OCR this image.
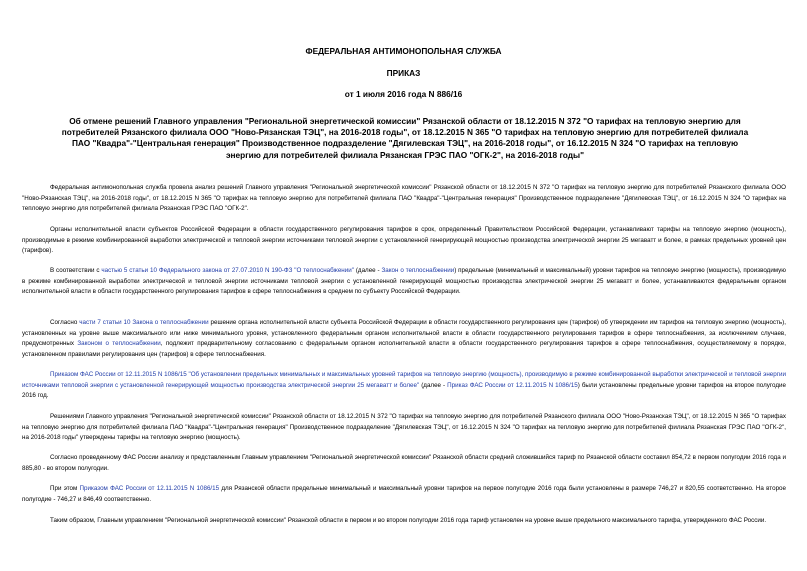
ФЕДЕРАЛЬНАЯ АНТИМОНОПОЛЬНАЯ СЛУЖБА
ПРИКАЗ
от 1 июля 2016 года N 886/16
Об отмене решений Главного управления "Региональной энергетической комиссии" Рязанской области от 18.12.2015 N 372 "О тарифах на тепловую энергию для потребителей Рязанского филиала ООО "Ново-Рязанская ТЭЦ", на 2016-2018 годы", от 18.12.2015 N 365 "О тарифах на тепловую энергию для потребителей филиала ПАО "Квадра"-"Центральная генерация" Производственное подразделение "Дягилевская ТЭЦ", на 2016-2018 годы", от 16.12.2015 N 324 "О тарифах на тепловую энергию для потребителей филиала Рязанская ГРЭС ПАО "ОГК-2", на 2016-2018 годы"

Федеральная антимонопольная служба провела анализ решений Главного управления "Региональной энергетической комиссии" Рязанской области от 18.12.2015 N 372 "О тарифах на тепловую энергию для потребителей Рязанского филиала ООО "Ново-Рязанская ТЭЦ", на 2016-2018 годы", от 18.12.2015 N 365 "О тарифах на тепловую энергию для потребителей филиала ПАО "Квадра"-"Центральная генерация" Производственное подразделение "Дягилевская ТЭЦ", от 16.12.2015 N 324 "О тарифах на тепловую энергию для потребителей филиала Рязанская ГРЭС ПАО "ОГК-2".

Органы исполнительной власти субъектов Российской Федерации в области государственного регулирования тарифов в срок, определенный Правительством Российской Федерации, устанавливают тарифы на тепловую энергию (мощность), производимые в режиме комбинированной выработки электрической и тепловой энергии источниками тепловой энергии с установленной генерирующей мощностью производства электрической энергии 25 мегаватт и более, в рамках предельных уровней цен (тарифов).

В соответствии с частью 5 статьи 10 Федерального закона от 27.07.2010 N 190-ФЗ "О теплоснабжении" (далее - Закон о теплоснабжении) предельные (минимальный и максимальный) уровни тарифов на тепловую энергию (мощность), производимую в режиме комбинированной выработки электрической и тепловой энергии источниками тепловой энергии с установленной генерирующей мощностью производства электрической энергии 25 мегаватт и более, устанавливаются федеральным органом исполнительной власти в области государственного регулирования тарифов в сфере теплоснабжения в среднем по субъекту Российской Федерации.

Согласно части 7 статьи 10 Закона о теплоснабжении решение органа исполнительной власти субъекта Российской Федерации в области государственного регулирования цен (тарифов) об утверждении им тарифов на тепловую энергию (мощность), установленных на уровне выше максимального или ниже минимального уровня, установленного федеральным органом исполнительной власти в области государственного регулирования тарифов в сфере теплоснабжения, за исключением случаев, предусмотренных Законом о теплоснабжении, подлежит предварительному согласованию с федеральным органом исполнительной власти в области государственного регулирования тарифов в сфере теплоснабжения, осуществляемому в порядке, установленном правилами регулирования цен (тарифов) в сфере теплоснабжения.

Приказом ФАС России от 12.11.2015 N 1086/15 "Об установлении предельных минимальных и максимальных уровней тарифов на тепловую энергию (мощность), производимую в режиме комбинированной выработки электрической и тепловой энергии источниками тепловой энергии с установленной генерирующей мощностью производства электрической энергии 25 мегаватт и более" (далее - Приказ ФАС России от 12.11.2015 N 1086/15) были установлены предельные уровни тарифов на второе полугодие 2016 год.

Решениями Главного управления "Региональной энергетической комиссии" Рязанской области от 18.12.2015 N 372 "О тарифах на тепловую энергию для потребителей Рязанского филиала ООО "Ново-Рязанская ТЭЦ", от 18.12.2015 N 365 "О тарифах на тепловую энергию для потребителей филиала ПАО "Квадра"-"Центральная генерация" Производственное подразделение "Дягилевская ТЭЦ", от 16.12.2015 N 324 "О тарифах на тепловую энергию для потребителей филиала Рязанская ГРЭС ПАО "ОГК-2", на 2016-2018 годы" утверждены тарифы на тепловую энергию (мощность).

Согласно проведенному ФАС России анализу и представленным Главным управлением "Региональной энергетической комиссии" Рязанской области средний сложившийся тариф по Рязанской области составил 854,72 в первом полугодии 2016 года и 885,80 - во втором полугодии.

При этом Приказом ФАС России от 12.11.2015 N 1086/15 для Рязанской области предельные минимальный и максимальный уровни тарифов на первое полугодие 2016 года были установлены в размере 746,27 и 820,55 соответственно. На второе полугодие - 746,27 и 846,49 соответственно.

Таким образом, Главным управлением "Региональной энергетической комиссии" Рязанской области в первом и во втором полугодии 2016 года тариф установлен на уровне выше предельного максимального тарифа, утвержденного ФАС России.
